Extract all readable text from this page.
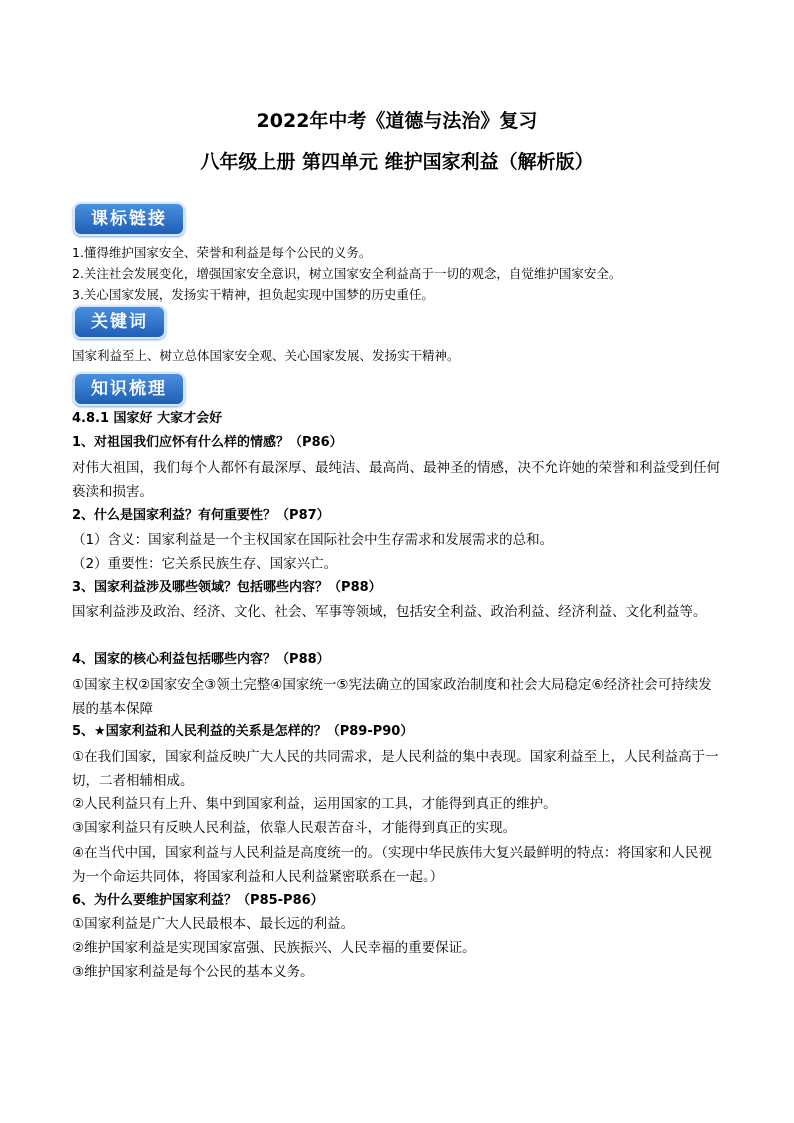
2022年中考《道德与法治》复习
八年级上册 第四单元 维护国家利益（解析版）
课标链接
1.懂得维护国家安全、荣誉和利益是每个公民的义务。
2.关注社会发展变化，增强国家安全意识，树立国家安全利益高于一切的观念，自觉维护国家安全。
3.关心国家发展，发扬实干精神，担负起实现中国梦的历史重任。
关键词
国家利益至上、树立总体国家安全观、关心国家发展、发扬实干精神。
知识梳理
4.8.1 国家好 大家才会好
1、对祖国我们应怀有什么样的情感？（P86）
对伟大祖国，我们每个人都怀有最深厚、最纯洁、最高尚、最神圣的情感，决不允许她的荣誉和利益受到任何亵渎和损害。
2、什么是国家利益？有何重要性？（P87）
（1）含义：国家利益是一个主权国家在国际社会中生存需求和发展需求的总和。
（2）重要性：它关系民族生存、国家兴亡。
3、国家利益涉及哪些领域？包括哪些内容？（P88）
国家利益涉及政治、经济、文化、社会、军事等领域，包括安全利益、政治利益、经济利益、文化利益等。
4、国家的核心利益包括哪些内容？（P88）
①国家主权②国家安全③领土完整④国家统一⑤宪法确立的国家政治制度和社会大局稳定⑥经济社会可持续发展的基本保障
5、★国家利益和人民利益的关系是怎样的？（P89-P90）
①在我们国家，国家利益反映广大人民的共同需求，是人民利益的集中表现。国家利益至上，人民利益高于一切，二者相辅相成。
②人民利益只有上升、集中到国家利益，运用国家的工具，才能得到真正的维护。
③国家利益只有反映人民利益，依靠人民艰苦奋斗，才能得到真正的实现。
④在当代中国，国家利益与人民利益是高度统一的。（实现中华民族伟大复兴最鲜明的特点：将国家和人民视为一个命运共同体，将国家利益和人民利益紧密联系在一起。）
6、为什么要维护国家利益？（P85-P86）
①国家利益是广大人民最根本、最长远的利益。
②维护国家利益是实现国家富强、民族振兴、人民幸福的重要保证。
③维护国家利益是每个公民的基本义务。
